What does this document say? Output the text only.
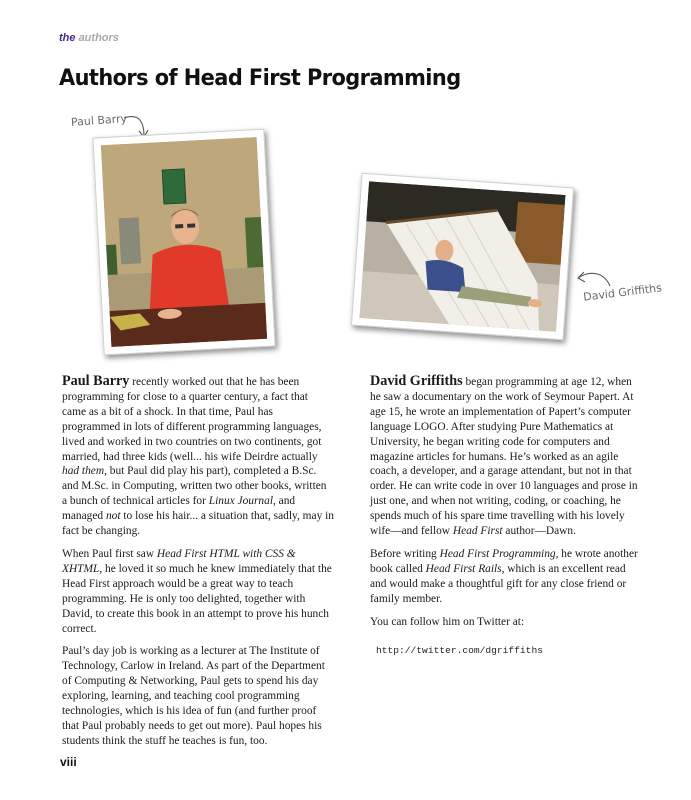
the authors
Authors of Head First Programming
Paul Barry
David Griffiths

Paul Barry recently worked out that he has been programming for close to a quarter century, a fact that came as a bit of a shock. In that time, Paul has programmed in lots of different programming languages, lived and worked in two countries on two continents, got married, had three kids (well... his wife Deirdre actually had them, but Paul did play his part), completed a B.Sc. and M.Sc. in Computing, written two other books, written a bunch of technical articles for Linux Journal, and managed not to lose his hair... a situation that, sadly, may in fact be changing.

When Paul first saw Head First HTML with CSS & XHTML, he loved it so much he knew immediately that the Head First approach would be a great way to teach programming. He is only too delighted, together with David, to create this book in an attempt to prove his hunch correct.

Paul’s day job is working as a lecturer at The Institute of Technology, Carlow in Ireland. As part of the Department of Computing & Networking, Paul gets to spend his day exploring, learning, and teaching cool programming technologies, which is his idea of fun (and further proof that Paul probably needs to get out more). Paul hopes his students think the stuff he teaches is fun, too.

David Griffiths began programming at age 12, when he saw a documentary on the work of Seymour Papert. At age 15, he wrote an implementation of Papert’s computer language LOGO. After studying Pure Mathematics at University, he began writing code for computers and magazine articles for humans. He’s worked as an agile coach, a developer, and a garage attendant, but not in that order. He can write code in over 10 languages and prose in just one, and when not writing, coding, or coaching, he spends much of his spare time travelling with his lovely wife—and fellow Head First author—Dawn.

Before writing Head First Programming, he wrote another book called Head First Rails, which is an excellent read and would make a thoughtful gift for any close friend or family member.

You can follow him on Twitter at:

http://twitter.com/dgriffiths
viii
